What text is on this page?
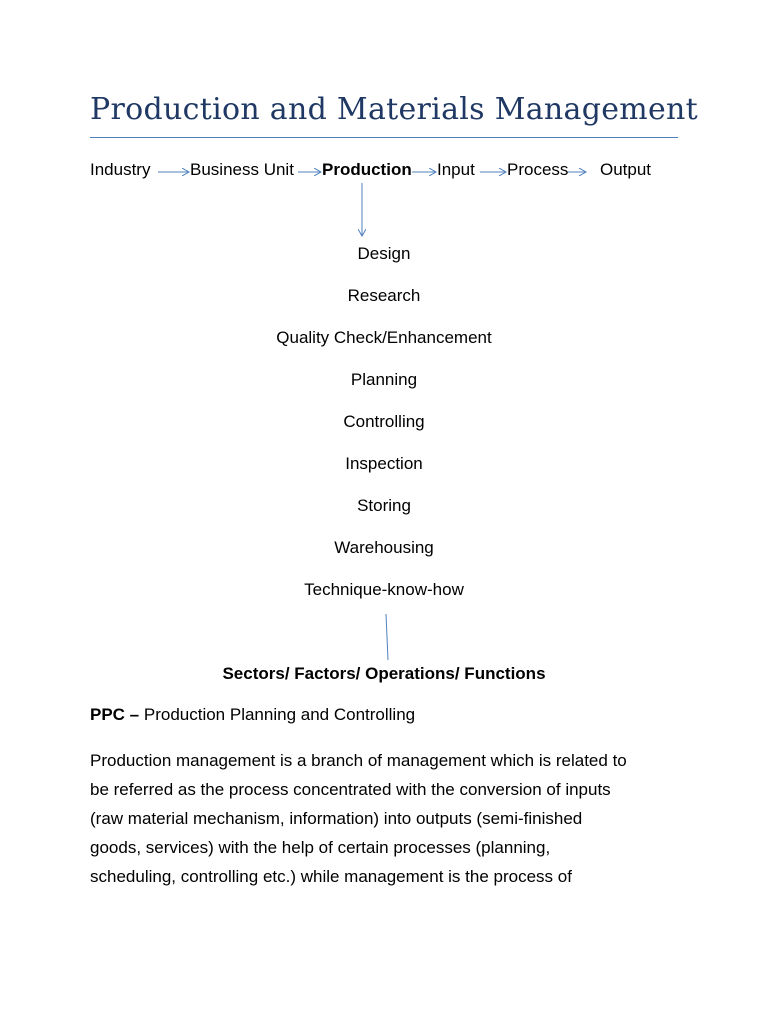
Production and Materials Management
Industry Business Unit Production Input Process Output
Design
Research
Quality Check/Enhancement
Planning
Controlling
Inspection
Storing
Warehousing
Technique-know-how
Sectors/ Factors/ Operations/ Functions
PPC – Production Planning and Controlling
Production management is a branch of management which is related to
be referred as the process concentrated with the conversion of inputs
(raw material mechanism, information) into outputs (semi-finished
goods, services) with the help of certain processes (planning,
scheduling, controlling etc.) while management is the process of
